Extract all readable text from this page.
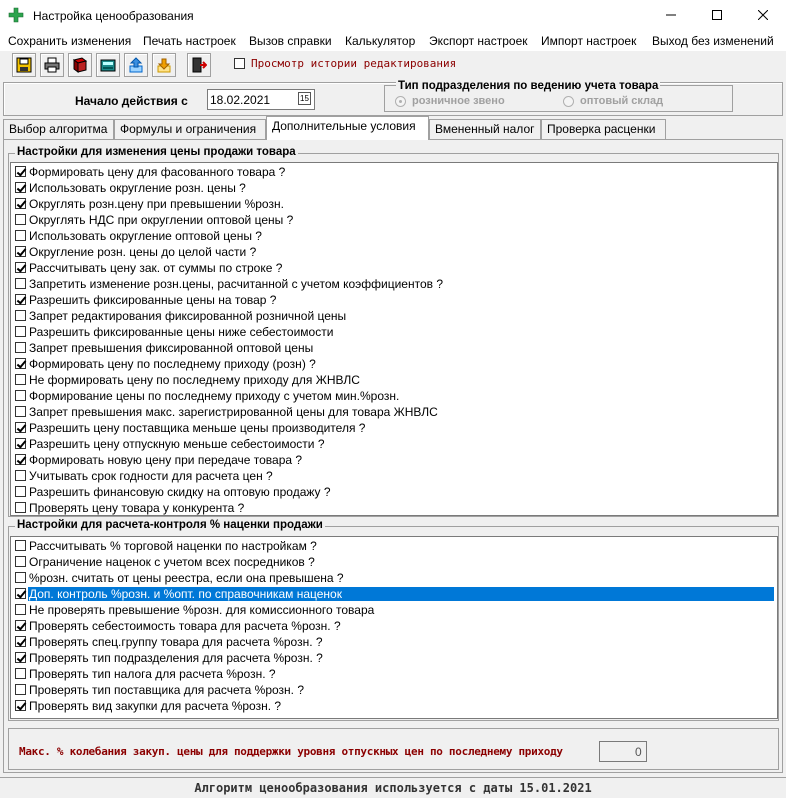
Настройка ценообразования
Сохранить изменения Печать настроек Вызов справки Калькулятор Экспорт настроек Импорт настроек Выход без изменений
Просмотр истории редактирования
Начало действия с 18.02.2021	15
Тип подразделения по ведению учета товара
розничное звено	оптовый склад
Выбор алгоритма	Формулы и ограничения	Дополнительные условия	Вмененный налог	Проверка расценки
Настройки для изменения цены продажи товара
Формировать цену для фасованного товара ?
Использовать округление розн. цены ?
Округлять розн.цену при превышении %розн.
Округлять НДС при округлении оптовой цены ?
Использовать округление оптовой цены ?
Округление розн. цены до целой части ?
Рассчитывать цену зак. от суммы по строке ?
Запретить изменение розн.цены, расчитанной с учетом коэффициентов ?
Разрешить фиксированные цены на товар ?
Запрет редактирования фиксированной розничной цены
Разрешить фиксированные цены ниже себестоимости
Запрет превышения фиксированной оптовой цены
Формировать цену по последнему приходу (розн) ?
Не формировать цену по последнему приходу для ЖНВЛС
Формирование цены по последнему приходу с учетом мин.%розн.
Запрет превышения макс. зарегистрированной цены для товара ЖНВЛС
Разрешить цену поставщика меньше цены производителя ?
Разрешить цену отпускную меньше себестоимости ?
Формировать новую цену при передаче товара ?
Учитывать срок годности для расчета цен ?
Разрешить финансовую скидку на оптовую продажу ?
Проверять цену товара у конкурента ?
Настройки для расчета-контроля % наценки продажи
Рассчитывать % торговой наценки по настройкам ?
Ограничение наценок с учетом всех посредников ?
%розн. считать от цены реестра, если она превышена ?
Доп. контроль %розн. и %опт. по справочникам наценок
Не проверять превышение %розн. для комиссионного товара
Проверять себестоимость товара для расчета %розн. ?
Проверять спец.группу товара для расчета %розн. ?
Проверять тип подразделения для расчета %розн. ?
Проверять тип налога для расчета %розн. ?
Проверять тип поставщика для расчета %розн. ?
Проверять вид закупки для расчета %розн. ?
Макс. % колебания закуп. цены для поддержки уровня отпускных цен по последнему приходу	0
Алгоритм ценообразования используется с даты 15.01.2021
